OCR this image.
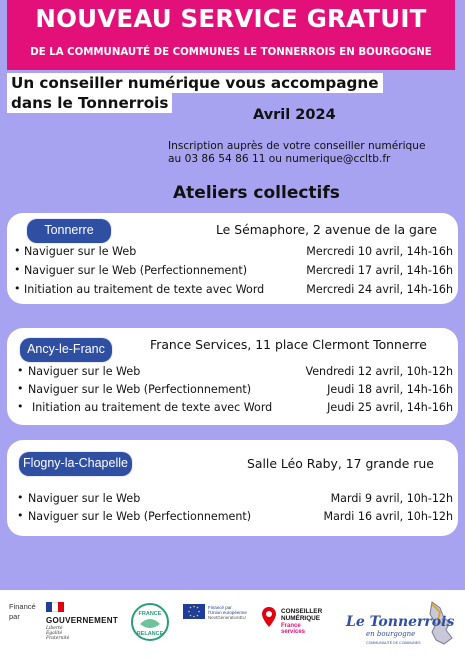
NOUVEAU SERVICE GRATUIT
DE LA COMMUNAUTÉ DE COMMUNES LE TONNERROIS EN BOURGOGNE
Un conseiller numérique vous accompagne
dans le Tonnerrois
Avril 2024
Inscription auprès de votre conseiller numérique
au 03 86 54 86 11 ou numerique@ccltb.fr
Ateliers collectifs
Tonnerre	Le Sémaphore, 2 avenue de la gare
• Naviguer sur le Web	Mercredi 10 avril, 14h-16h
• Naviguer sur le Web (Perfectionnement)	Mercredi 17 avril, 14h-16h
• Initiation au traitement de texte avec Word	Mercredi 24 avril, 14h-16h
Ancy-le-Franc	France Services, 11 place Clermont Tonnerre
• Naviguer sur le Web	Vendredi 12 avril, 10h-12h
• Naviguer sur le Web (Perfectionnement)	Jeudi 18 avril, 14h-16h
• Initiation au traitement de texte avec Word	Jeudi 25 avril, 14h-16h
Flogny-la-Chapelle	Salle Léo Raby, 17 grande rue
• Naviguer sur le Web	Mardi 9 avril, 10h-12h
• Naviguer sur le Web (Perfectionnement)	Mardi 16 avril, 10h-12h
Financé
par	GOUVERNEMENT
Liberté
Égalité
Fraternité
FRANCE
RELANCE
Financé par
l'Union européenne
NextGenerationEU
CONSEILLER
NUMÉRIQUE
France
services
Le Tonnerrois
en bourgogne
COMMUNAUTÉ DE COMMUNES
